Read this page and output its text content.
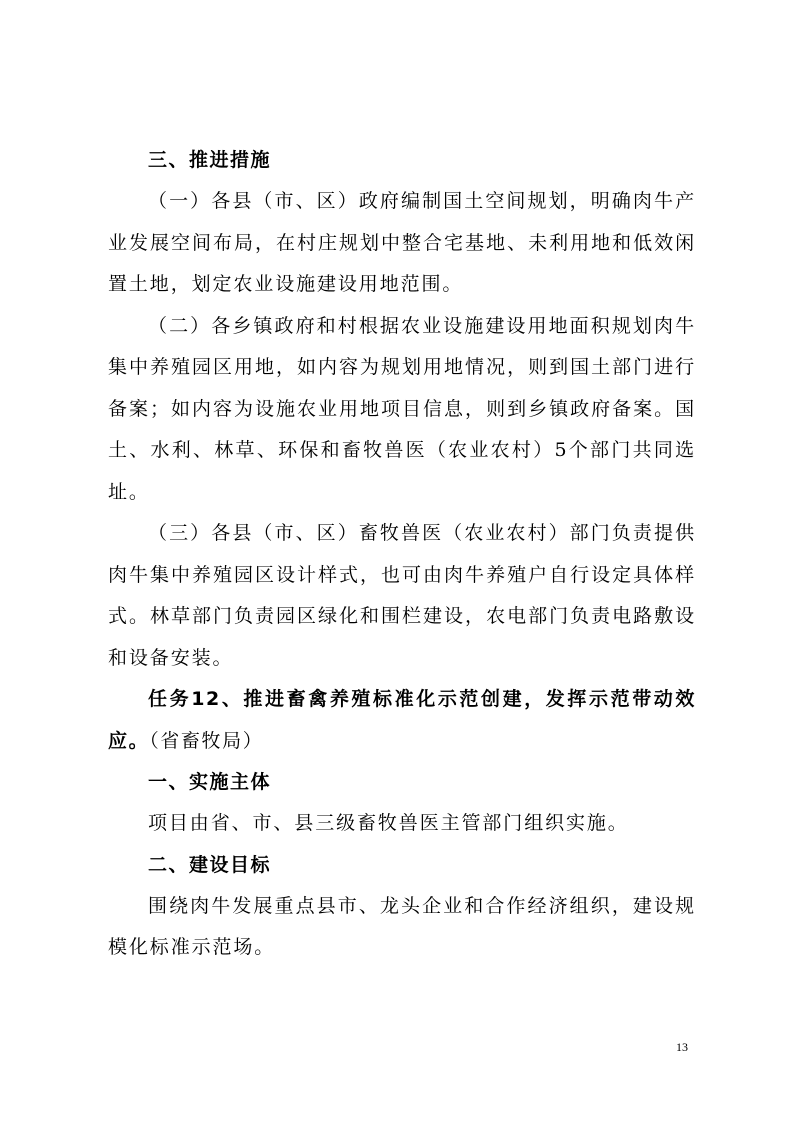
三、推进措施

（一）各县（市、区）政府编制国土空间规划，明确肉牛产业发展空间布局，在村庄规划中整合宅基地、未利用地和低效闲置土地，划定农业设施建设用地范围。

（二）各乡镇政府和村根据农业设施建设用地面积规划肉牛集中养殖园区用地，如内容为规划用地情况，则到国土部门进行备案；如内容为设施农业用地项目信息，则到乡镇政府备案。国土、水利、林草、环保和畜牧兽医（农业农村）5个部门共同选址。

（三）各县（市、区）畜牧兽医（农业农村）部门负责提供肉牛集中养殖园区设计样式，也可由肉牛养殖户自行设定具体样式。林草部门负责园区绿化和围栏建设，农电部门负责电路敷设和设备安装。

任务12、推进畜禽养殖标准化示范创建，发挥示范带动效应。（省畜牧局）

一、实施主体

项目由省、市、县三级畜牧兽医主管部门组织实施。

二、建设目标

围绕肉牛发展重点县市、龙头企业和合作经济组织，建设规模化标准示范场。

13
